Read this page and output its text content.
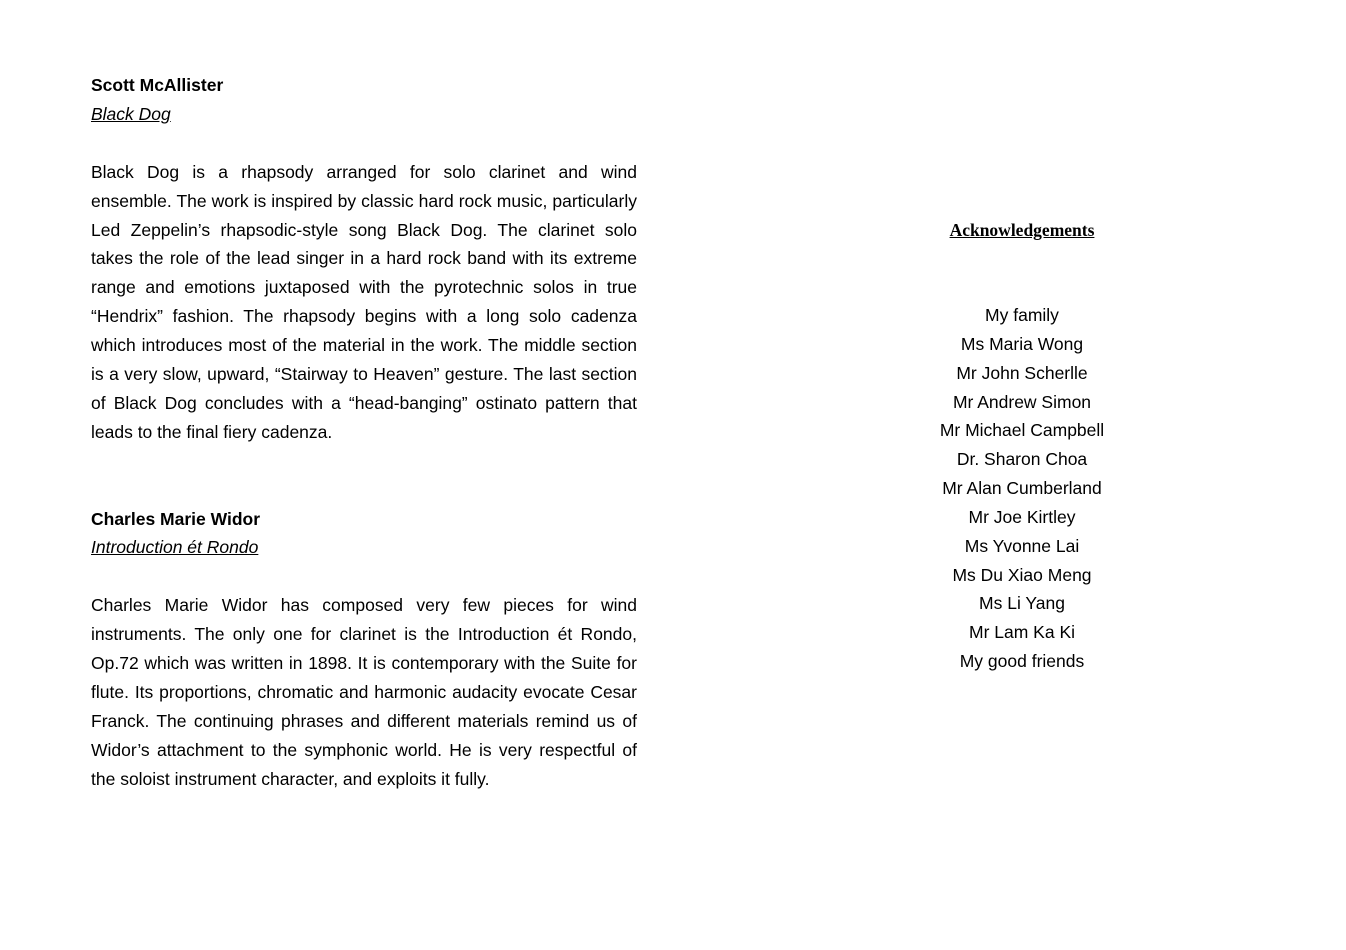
Scott McAllister

Black Dog

Black Dog is a rhapsody arranged for solo clarinet and wind ensemble. The work is inspired by classic hard rock music, particularly Led Zeppelin’s rhapsodic-style song Black Dog. The clarinet solo takes the role of the lead singer in a hard rock band with its extreme range and emotions juxtaposed with the pyrotechnic solos in true “Hendrix” fashion. The rhapsody begins with a long solo cadenza which introduces most of the material in the work. The middle section is a very slow, upward, “Stairway to Heaven” gesture. The last section of Black Dog concludes with a “head-banging” ostinato pattern that leads to the final fiery cadenza.

Charles Marie Widor

Introduction ét Rondo

Charles Marie Widor has composed very few pieces for wind instruments. The only one for clarinet is the Introduction ét Rondo, Op.72 which was written in 1898. It is contemporary with the Suite for flute. Its proportions, chromatic and harmonic audacity evocate Cesar Franck. The continuing phrases and different materials remind us of Widor’s attachment to the symphonic world. He is very respectful of the soloist instrument character, and exploits it fully.

Acknowledgements
My family
Ms Maria Wong
Mr John Scherlle
Mr Andrew Simon
Mr Michael Campbell
Dr. Sharon Choa
Mr Alan Cumberland
Mr Joe Kirtley
Ms Yvonne Lai
Ms Du Xiao Meng
Ms Li Yang
Mr Lam Ka Ki
My good friends
